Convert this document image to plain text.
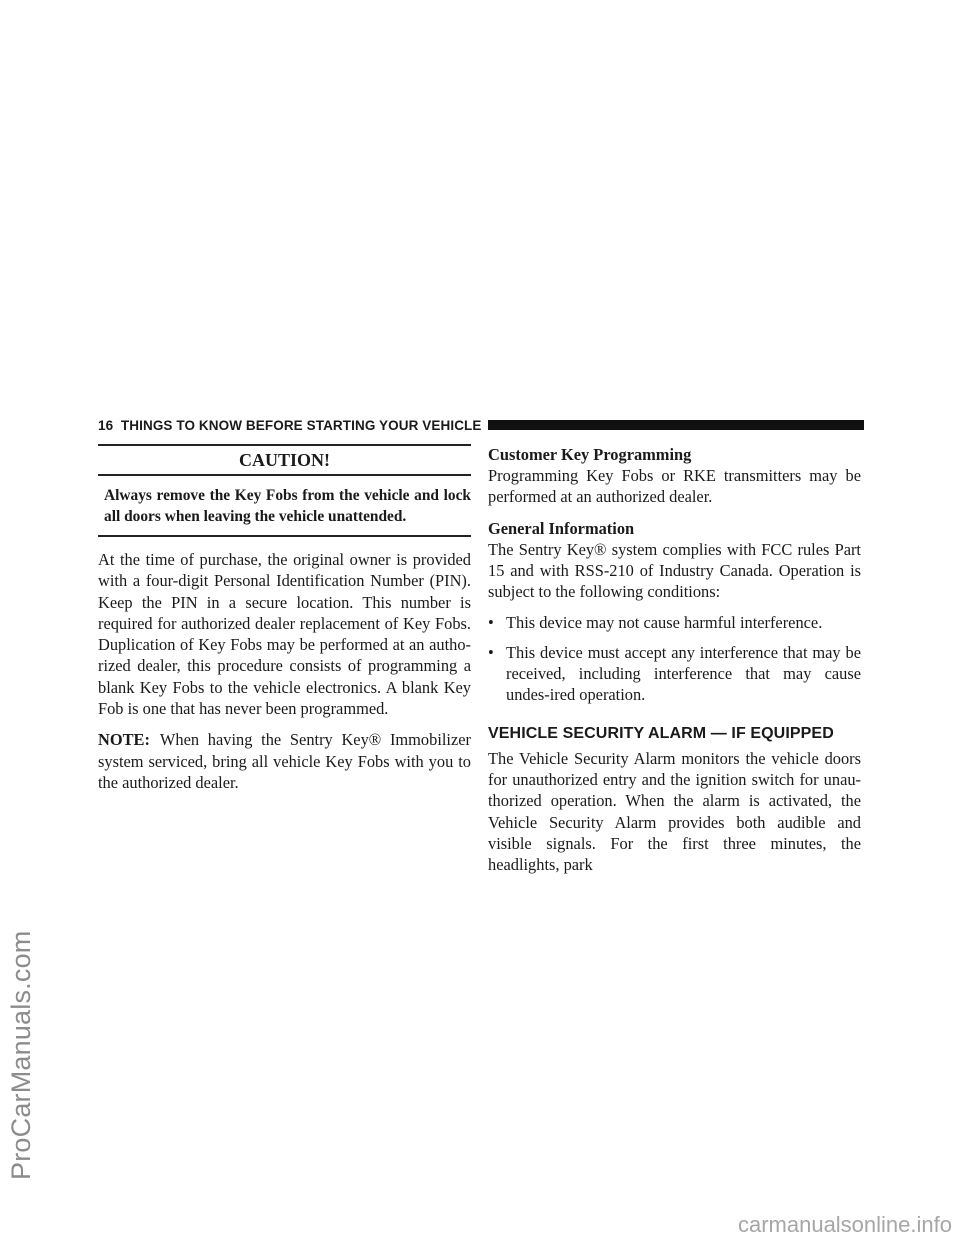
ProCarManuals.com
16 THINGS TO KNOW BEFORE STARTING YOUR VEHICLE
CAUTION!
Always remove the Key Fobs from the vehicle and lock all doors when leaving the vehicle unattended.

At the time of purchase, the original owner is provided with a four-digit Personal Identification Number (PIN). Keep the PIN in a secure location. This number is required for authorized dealer replacement of Key Fobs. Duplication of Key Fobs may be performed at an autho-rized dealer, this procedure consists of programming a blank Key Fobs to the vehicle electronics. A blank Key Fob is one that has never been programmed.

NOTE: When having the Sentry Key® Immobilizer system serviced, bring all vehicle Key Fobs with you to the authorized dealer.

Customer Key Programming

Programming Key Fobs or RKE transmitters may be performed at an authorized dealer.

General Information

The Sentry Key® system complies with FCC rules Part 15 and with RSS-210 of Industry Canada. Operation is subject to the following conditions:

• This device may not cause harmful interference.
• This device must accept any interference that may be received, including interference that may cause undes-ired operation.
VEHICLE SECURITY ALARM — IF EQUIPPED

The Vehicle Security Alarm monitors the vehicle doors for unauthorized entry and the ignition switch for unau-thorized operation. When the alarm is activated, the Vehicle Security Alarm provides both audible and visible signals. For the first three minutes, the headlights, park

carmanualsonline.info
